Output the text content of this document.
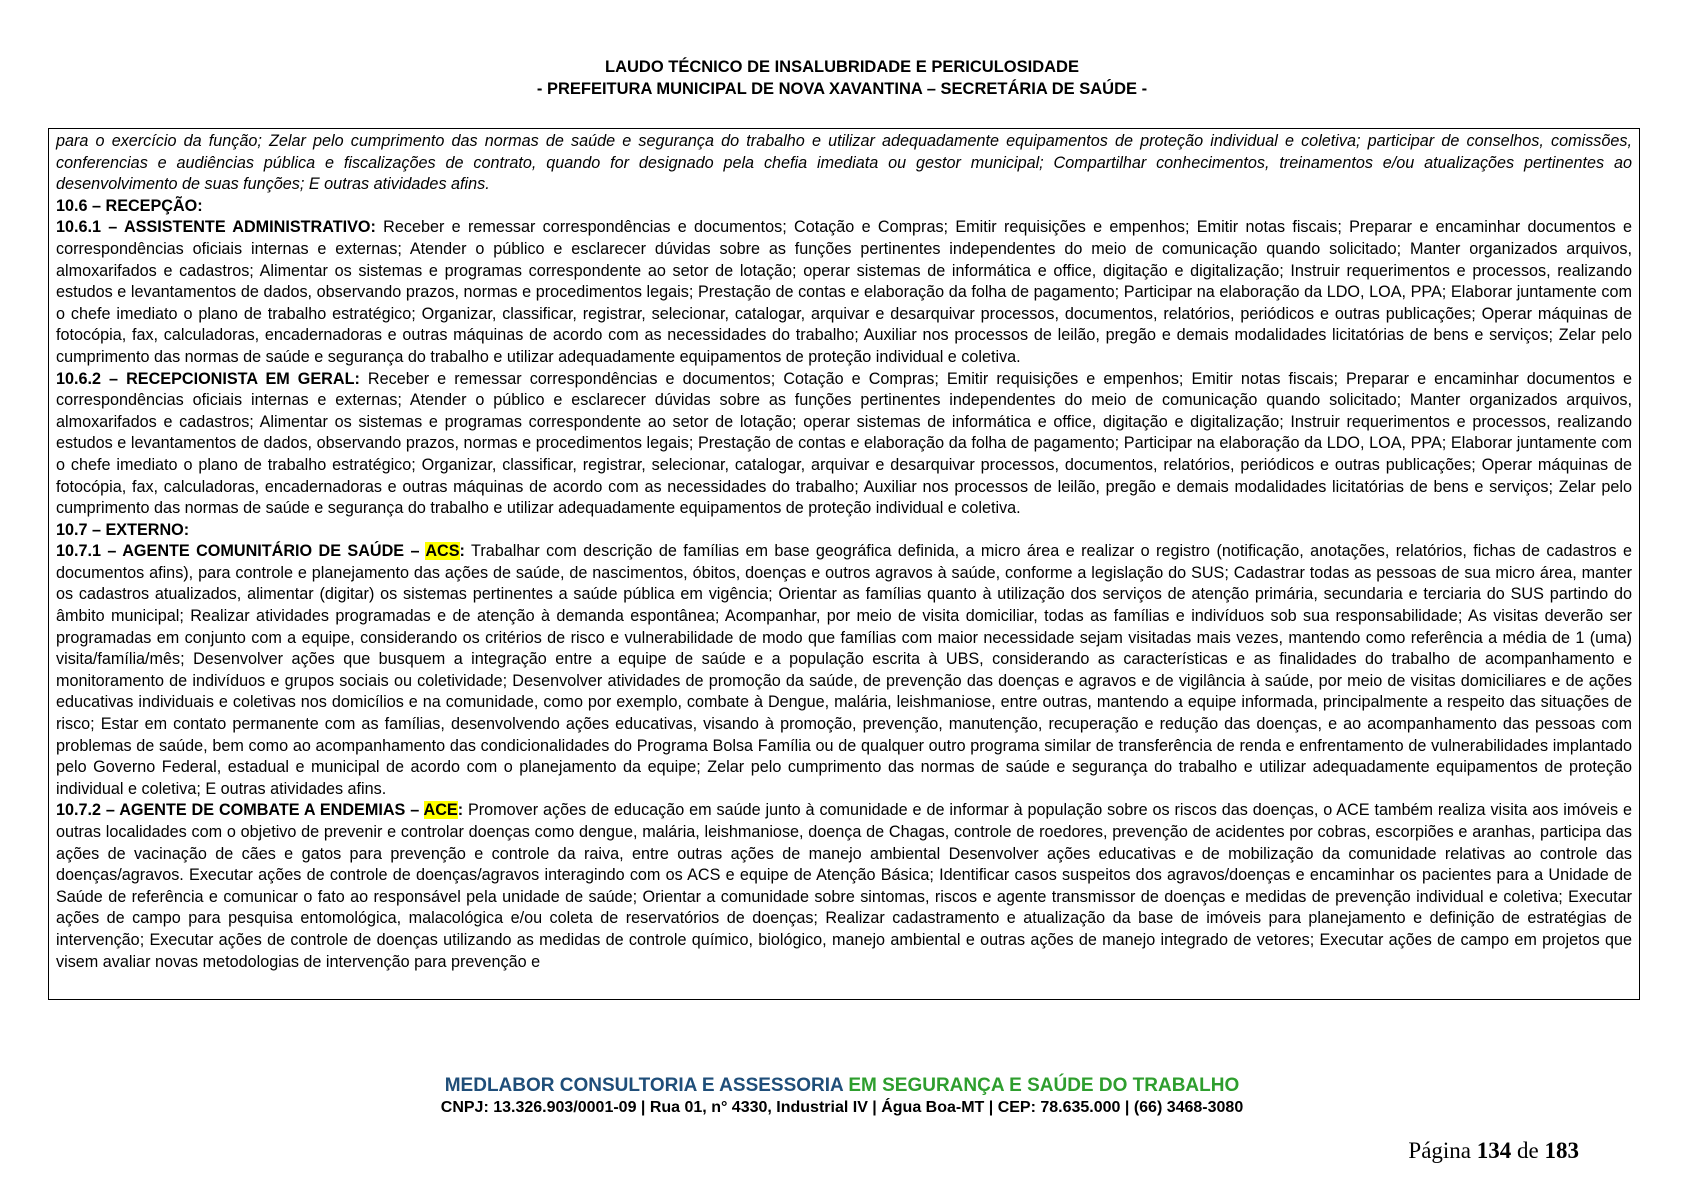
LAUDO TÉCNICO DE INSALUBRIDADE E PERICULOSIDADE
- PREFEITURA MUNICIPAL DE NOVA XAVANTINA – SECRETÁRIA DE SAÚDE -

para o exercício da função; Zelar pelo cumprimento das normas de saúde e segurança do trabalho e utilizar adequadamente equipamentos de proteção individual e coletiva; participar de conselhos, comissões, conferencias e audiências pública e fiscalizações de contrato, quando for designado pela chefia imediata ou gestor municipal; Compartilhar conhecimentos, treinamentos e/ou atualizações pertinentes ao desenvolvimento de suas funções; E outras atividades afins.

10.6 – RECEPÇÃO:

10.6.1 – ASSISTENTE ADMINISTRATIVO: Receber e remessar correspondências e documentos; Cotação e Compras; Emitir requisições e empenhos; Emitir notas fiscais; Preparar e encaminhar documentos e correspondências oficiais internas e externas; Atender o público e esclarecer dúvidas sobre as funções pertinentes independentes do meio de comunicação quando solicitado; Manter organizados arquivos, almoxarifados e cadastros; Alimentar os sistemas e programas correspondente ao setor de lotação; operar sistemas de informática e office, digitação e digitalização; Instruir requerimentos e processos, realizando estudos e levantamentos de dados, observando prazos, normas e procedimentos legais; Prestação de contas e elaboração da folha de pagamento; Participar na elaboração da LDO, LOA, PPA; Elaborar juntamente com o chefe imediato o plano de trabalho estratégico; Organizar, classificar, registrar, selecionar, catalogar, arquivar e desarquivar processos, documentos, relatórios, periódicos e outras publicações; Operar máquinas de fotocópia, fax, calculadoras, encadernadoras e outras máquinas de acordo com as necessidades do trabalho; Auxiliar nos processos de leilão, pregão e demais modalidades licitatórias de bens e serviços; Zelar pelo cumprimento das normas de saúde e segurança do trabalho e utilizar adequadamente equipamentos de proteção individual e coletiva.

10.6.2 – RECEPCIONISTA EM GERAL: Receber e remessar correspondências e documentos; Cotação e Compras; Emitir requisições e empenhos; Emitir notas fiscais; Preparar e encaminhar documentos e correspondências oficiais internas e externas; Atender o público e esclarecer dúvidas sobre as funções pertinentes independentes do meio de comunicação quando solicitado; Manter organizados arquivos, almoxarifados e cadastros; Alimentar os sistemas e programas correspondente ao setor de lotação; operar sistemas de informática e office, digitação e digitalização; Instruir requerimentos e processos, realizando estudos e levantamentos de dados, observando prazos, normas e procedimentos legais; Prestação de contas e elaboração da folha de pagamento; Participar na elaboração da LDO, LOA, PPA; Elaborar juntamente com o chefe imediato o plano de trabalho estratégico; Organizar, classificar, registrar, selecionar, catalogar, arquivar e desarquivar processos, documentos, relatórios, periódicos e outras publicações; Operar máquinas de fotocópia, fax, calculadoras, encadernadoras e outras máquinas de acordo com as necessidades do trabalho; Auxiliar nos processos de leilão, pregão e demais modalidades licitatórias de bens e serviços; Zelar pelo cumprimento das normas de saúde e segurança do trabalho e utilizar adequadamente equipamentos de proteção individual e coletiva.

10.7 – EXTERNO:

10.7.1 – AGENTE COMUNITÁRIO DE SAÚDE – ACS: Trabalhar com descrição de famílias em base geográfica definida, a micro área e realizar o registro (notificação, anotações, relatórios, fichas de cadastros e documentos afins), para controle e planejamento das ações de saúde, de nascimentos, óbitos, doenças e outros agravos à saúde, conforme a legislação do SUS; Cadastrar todas as pessoas de sua micro área, manter os cadastros atualizados, alimentar (digitar) os sistemas pertinentes a saúde pública em vigência; Orientar as famílias quanto à utilização dos serviços de atenção primária, secundaria e terciaria do SUS partindo do âmbito municipal; Realizar atividades programadas e de atenção à demanda espontânea; Acompanhar, por meio de visita domiciliar, todas as famílias e indivíduos sob sua responsabilidade; As visitas deverão ser programadas em conjunto com a equipe, considerando os critérios de risco e vulnerabilidade de modo que famílias com maior necessidade sejam visitadas mais vezes, mantendo como referência a média de 1 (uma) visita/família/mês; Desenvolver ações que busquem a integração entre a equipe de saúde e a população escrita à UBS, considerando as características e as finalidades do trabalho de acompanhamento e monitoramento de indivíduos e grupos sociais ou coletividade; Desenvolver atividades de promoção da saúde, de prevenção das doenças e agravos e de vigilância à saúde, por meio de visitas domiciliares e de ações educativas individuais e coletivas nos domicílios e na comunidade, como por exemplo, combate à Dengue, malária, leishmaniose, entre outras, mantendo a equipe informada, principalmente a respeito das situações de risco; Estar em contato permanente com as famílias, desenvolvendo ações educativas, visando à promoção, prevenção, manutenção, recuperação e redução das doenças, e ao acompanhamento das pessoas com problemas de saúde, bem como ao acompanhamento das condicionalidades do Programa Bolsa Família ou de qualquer outro programa similar de transferência de renda e enfrentamento de vulnerabilidades implantado pelo Governo Federal, estadual e municipal de acordo com o planejamento da equipe; Zelar pelo cumprimento das normas de saúde e segurança do trabalho e utilizar adequadamente equipamentos de proteção individual e coletiva; E outras atividades afins.

10.7.2 – AGENTE DE COMBATE A ENDEMIAS – ACE: Promover ações de educação em saúde junto à comunidade e de informar à população sobre os riscos das doenças, o ACE também realiza visita aos imóveis e outras localidades com o objetivo de prevenir e controlar doenças como dengue, malária, leishmaniose, doença de Chagas, controle de roedores, prevenção de acidentes por cobras, escorpiões e aranhas, participa das ações de vacinação de cães e gatos para prevenção e controle da raiva, entre outras ações de manejo ambiental Desenvolver ações educativas e de mobilização da comunidade relativas ao controle das doenças/agravos. Executar ações de controle de doenças/agravos interagindo com os ACS e equipe de Atenção Básica; Identificar casos suspeitos dos agravos/doenças e encaminhar os pacientes para a Unidade de Saúde de referência e comunicar o fato ao responsável pela unidade de saúde; Orientar a comunidade sobre sintomas, riscos e agente transmissor de doenças e medidas de prevenção individual e coletiva; Executar ações de campo para pesquisa entomológica, malacológica e/ou coleta de reservatórios de doenças; Realizar cadastramento e atualização da base de imóveis para planejamento e definição de estratégias de intervenção; Executar ações de controle de doenças utilizando as medidas de controle químico, biológico, manejo ambiental e outras ações de manejo integrado de vetores; Executar ações de campo em projetos que visem avaliar novas metodologias de intervenção para prevenção e

MEDLABOR CONSULTORIA E ASSESSORIA EM SEGURANÇA E SAÚDE DO TRABALHO
CNPJ: 13.326.903/0001-09 | Rua 01, n° 4330, Industrial IV | Água Boa-MT | CEP: 78.635.000 | (66) 3468-3080
Página 134 de 183
